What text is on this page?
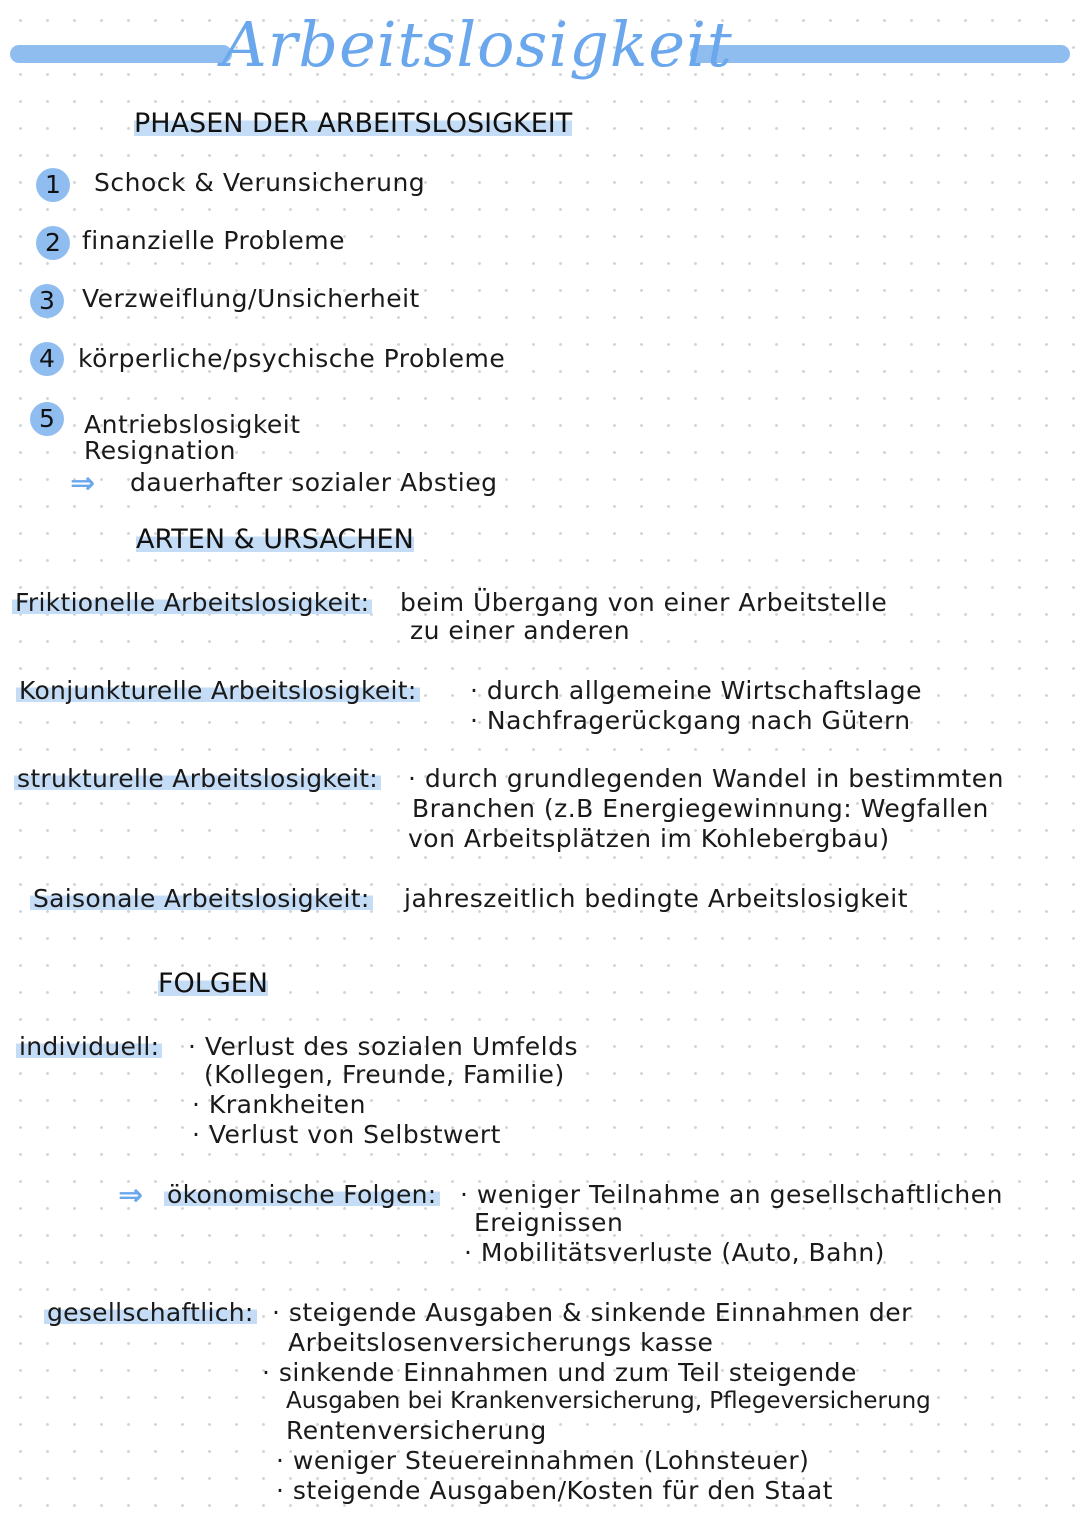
Arbeitslosigkeit
PHASEN DER ARBEITSLOSIGKEIT
1	Schock & Verunsicherung
2 finanzielle Probleme
3	Verzweiflung/Unsicherheit
4 körperliche/psychische Probleme
5	Antriebslosigkeit
Resignation
⇒ dauerhafter sozialer Abstieg
ARTEN & URSACHEN
Friktionelle Arbeitslosigkeit: beim Übergang von einer Arbeitstelle
zu einer anderen
Konjunkturelle Arbeitslosigkeit: · durch allgemeine Wirtschaftslage
· Nachfragerückgang nach Gütern
strukturelle Arbeitslosigkeit: · durch grundlegenden Wandel in bestimmten
Branchen (z.B Energiegewinnung: Wegfallen
von Arbeitsplätzen im Kohlebergbau)
Saisonale Arbeitslosigkeit: jahreszeitlich bedingte Arbeitslosigkeit
FOLGEN
individuell: · Verlust des sozialen Umfelds
(Kollegen, Freunde, Familie)
· Krankheiten
· Verlust von Selbstwert
⇒ ökonomische Folgen: · weniger Teilnahme an gesellschaftlichen
Ereignissen
· Mobilitätsverluste (Auto, Bahn)
gesellschaftlich: · steigende Ausgaben & sinkende Einnahmen der
Arbeitslosenversicherungs kasse
· sinkende Einnahmen und zum Teil steigende
Ausgaben bei Krankenversicherung, Pflegeversicherung
Rentenversicherung
· weniger Steuereinnahmen (Lohnsteuer)
· steigende Ausgaben/Kosten für den Staat
